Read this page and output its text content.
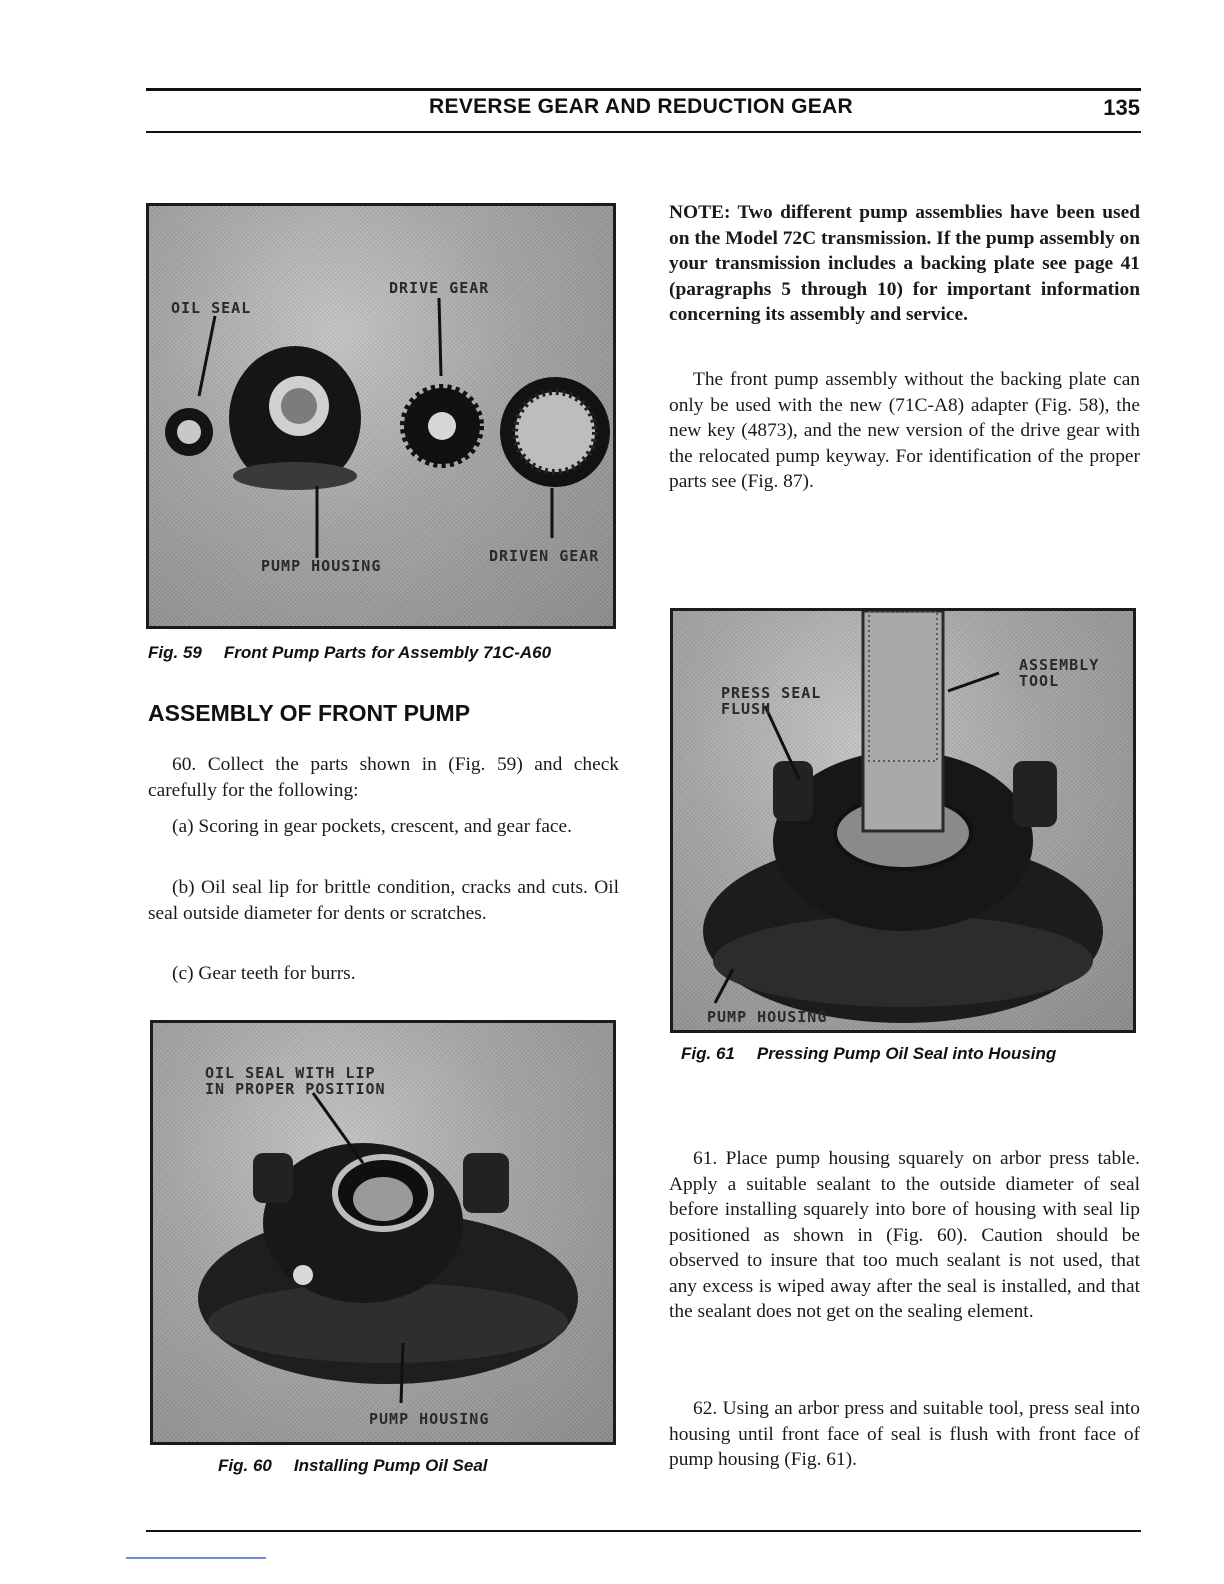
REVERSE GEAR AND REDUCTION GEAR	135
OIL SEAL
DRIVE GEAR
PUMP HOUSING
DRIVEN GEAR
Fig. 59 Front Pump Parts for Assembly 71C-A60
ASSEMBLY OF FRONT PUMP

60. Collect the parts shown in (Fig. 59) and check carefully for the following:

(a) Scoring in gear pockets, crescent, and gear face.

(b) Oil seal lip for brittle condition, cracks and cuts. Oil seal outside diameter for dents or scratches.

(c) Gear teeth for burrs.

OIL SEAL WITH LIP
IN PROPER POSITION
PUMP HOUSING
Fig. 60 Installing Pump Oil Seal

NOTE: Two different pump assemblies have been used on the Model 72C transmission. If the pump assembly on your transmission includes a backing plate see page 41 (paragraphs 5 through 10) for important information concerning its assembly and service.

The front pump assembly without the backing plate can only be used with the new (71C-A8) adapter (Fig. 58), the new key (4873), and the new version of the drive gear with the relocated pump keyway. For identification of the proper parts see (Fig. 87).

PRESS SEAL
FLUSH
ASSEMBLY
TOOL
PUMP HOUSING
Fig. 61 Pressing Pump Oil Seal into Housing

61. Place pump housing squarely on arbor press table. Apply a suitable sealant to the outside diameter of seal before installing squarely into bore of housing with seal lip positioned as shown in (Fig. 60). Caution should be observed to insure that too much sealant is not used, that any excess is wiped away after the seal is installed, and that the sealant does not get on the sealing element.

62. Using an arbor press and suitable tool, press seal into housing until front face of seal is flush with front face of pump housing (Fig. 61).
